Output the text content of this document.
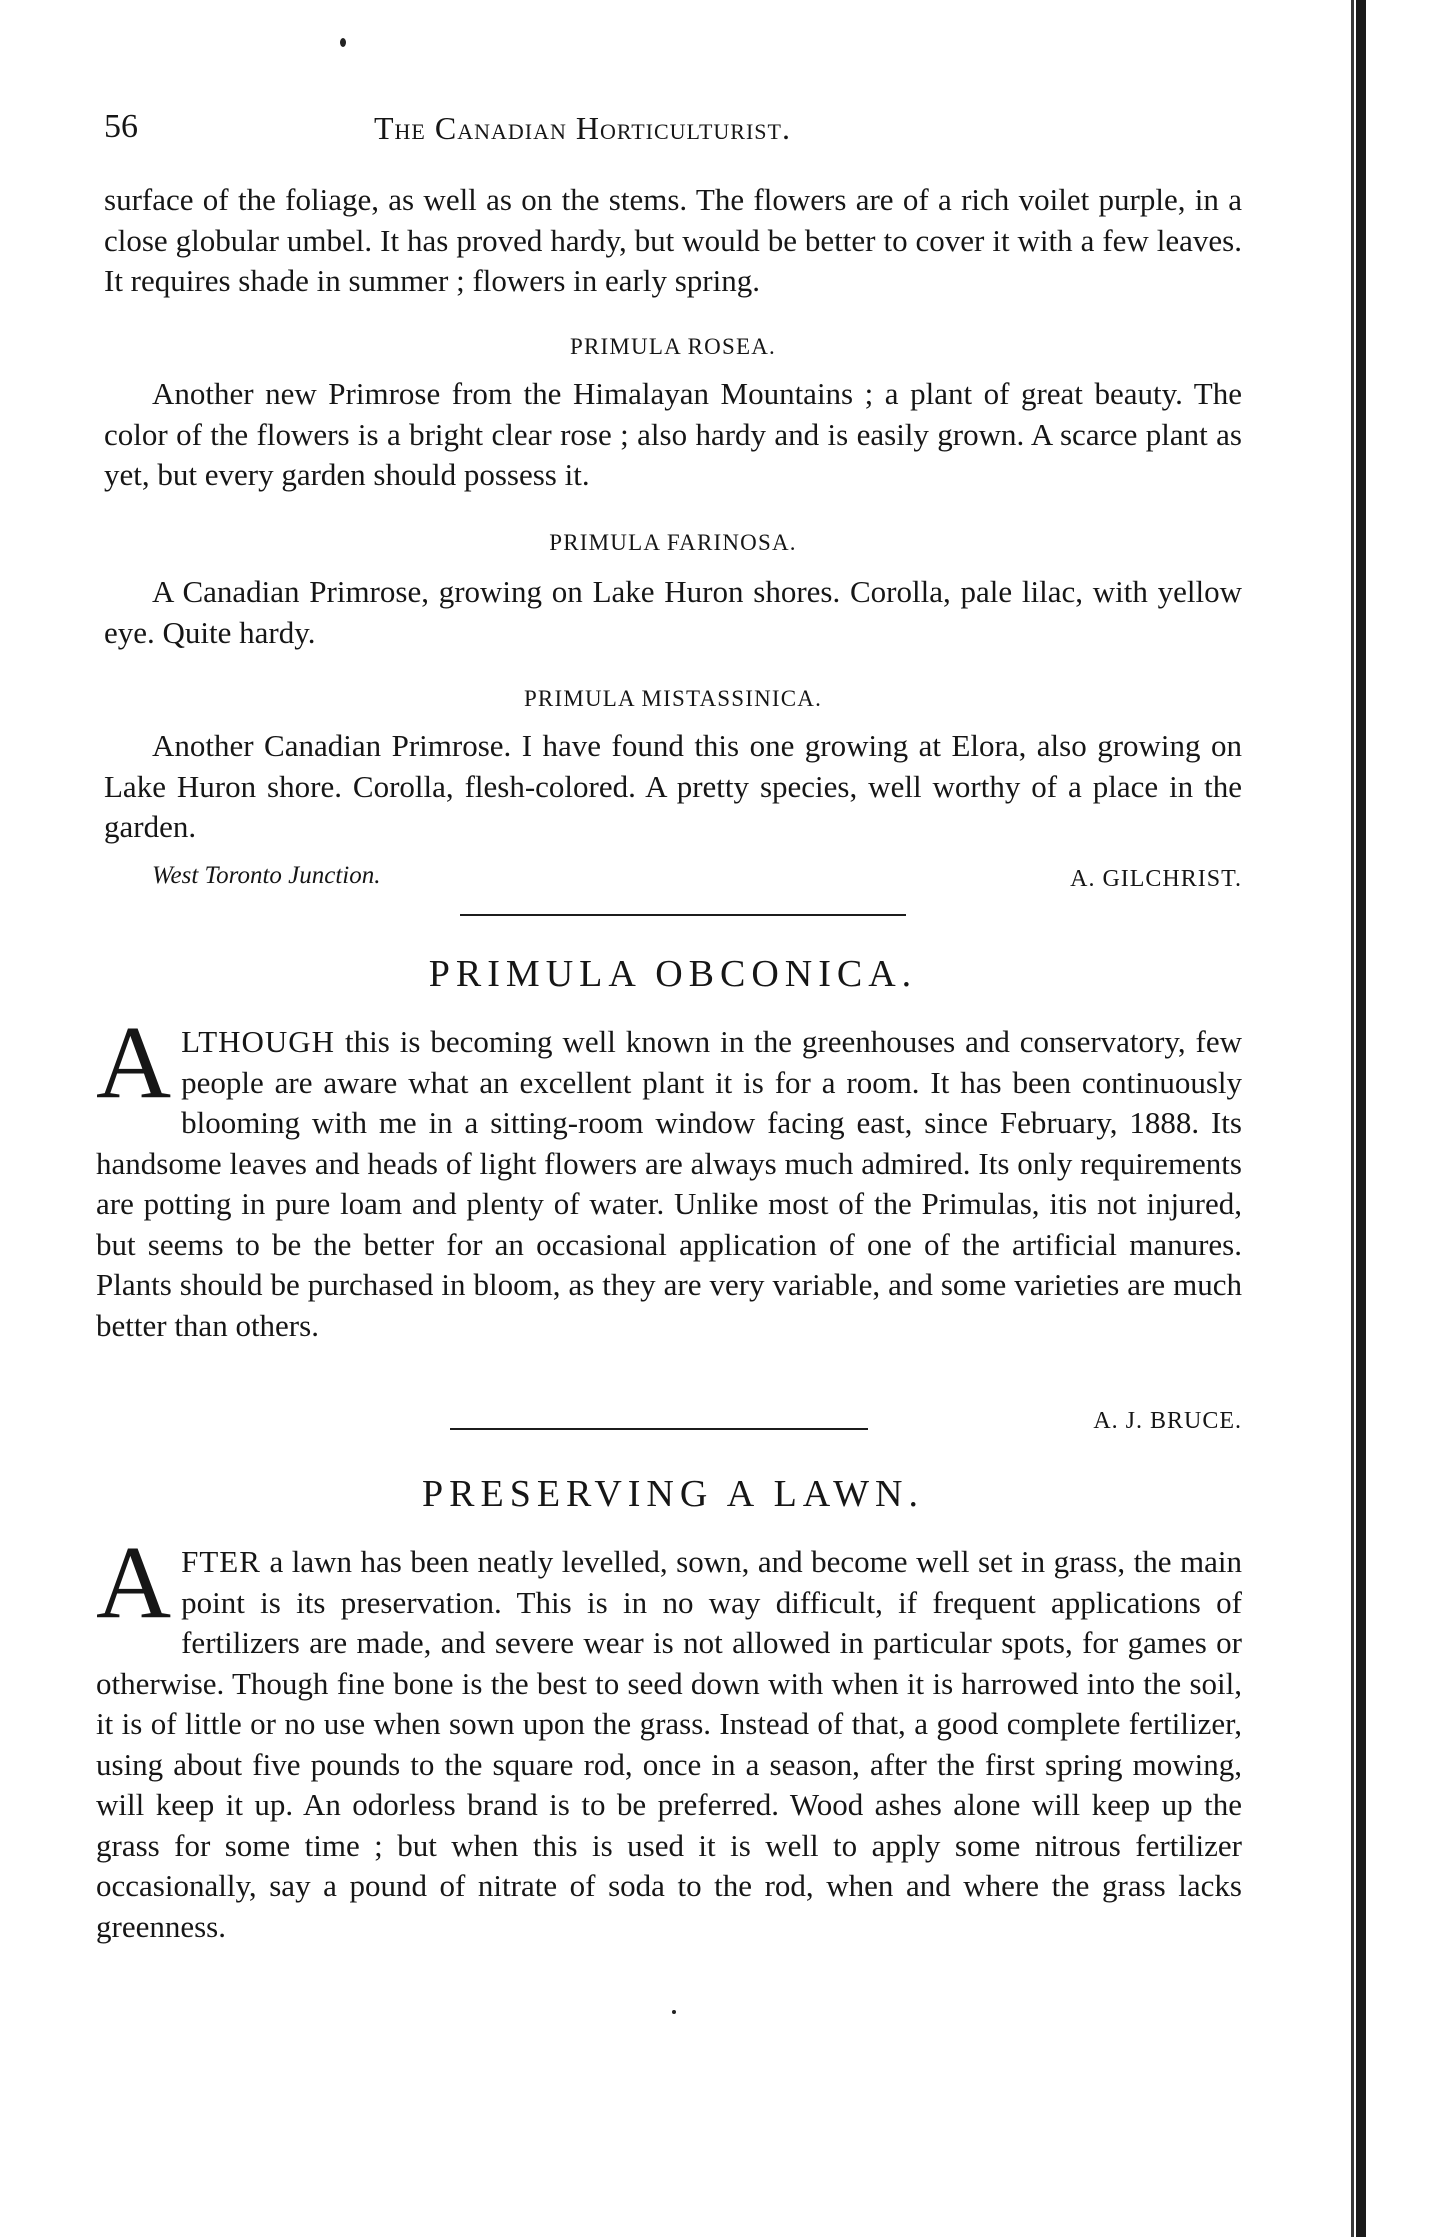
56	The Canadian Horticulturist.

surface of the foliage, as well as on the stems. The flowers are of a rich voilet purple, in a close globular umbel. It has proved hardy, but would be better to cover it with a few leaves. It requires shade in summer ; flowers in early spring.

PRIMULA ROSEA.

Another new Primrose from the Himalayan Mountains ; a plant of great beauty. The color of the flowers is a bright clear rose ; also hardy and is easily grown. A scarce plant as yet, but every garden should possess it.

PRIMULA FARINOSA.

A Canadian Primrose, growing on Lake Huron shores. Corolla, pale lilac, with yellow eye. Quite hardy.

PRIMULA MISTASSINICA.

Another Canadian Primrose. I have found this one growing at Elora, also growing on Lake Huron shore. Corolla, flesh-colored. A pretty species, well worthy of a place in the garden.

West Toronto Junction.	A. GILCHRIST.
PRIMULA OBCONICA.

ALTHOUGH this is becoming well known in the greenhouses and conservatory, few people are aware what an excellent plant it is for a room. It has been continuously blooming with me in a sitting-room window facing east, since February, 1888. Its handsome leaves and heads of light flowers are always much admired. Its only requirements are potting in pure loam and plenty of water. Unlike most of the Primulas, itis not injured, but seems to be the better for an occasional application of one of the artificial manures. Plants should be purchased in bloom, as they are very variable, and some varieties are much better than others.

A. J. BRUCE.
PRESERVING A LAWN.

AFTER a lawn has been neatly levelled, sown, and become well set in grass, the main point is its preservation. This is in no way difficult, if frequent applications of fertilizers are made, and severe wear is not allowed in particular spots, for games or otherwise. Though fine bone is the best to seed down with when it is harrowed into the soil, it is of little or no use when sown upon the grass. Instead of that, a good complete fertilizer, using about five pounds to the square rod, once in a season, after the first spring mowing, will keep it up. An odorless brand is to be preferred. Wood ashes alone will keep up the grass for some time ; but when this is used it is well to apply some nitrous fertilizer occasionally, say a pound of nitrate of soda to the rod, when and where the grass lacks greenness.
